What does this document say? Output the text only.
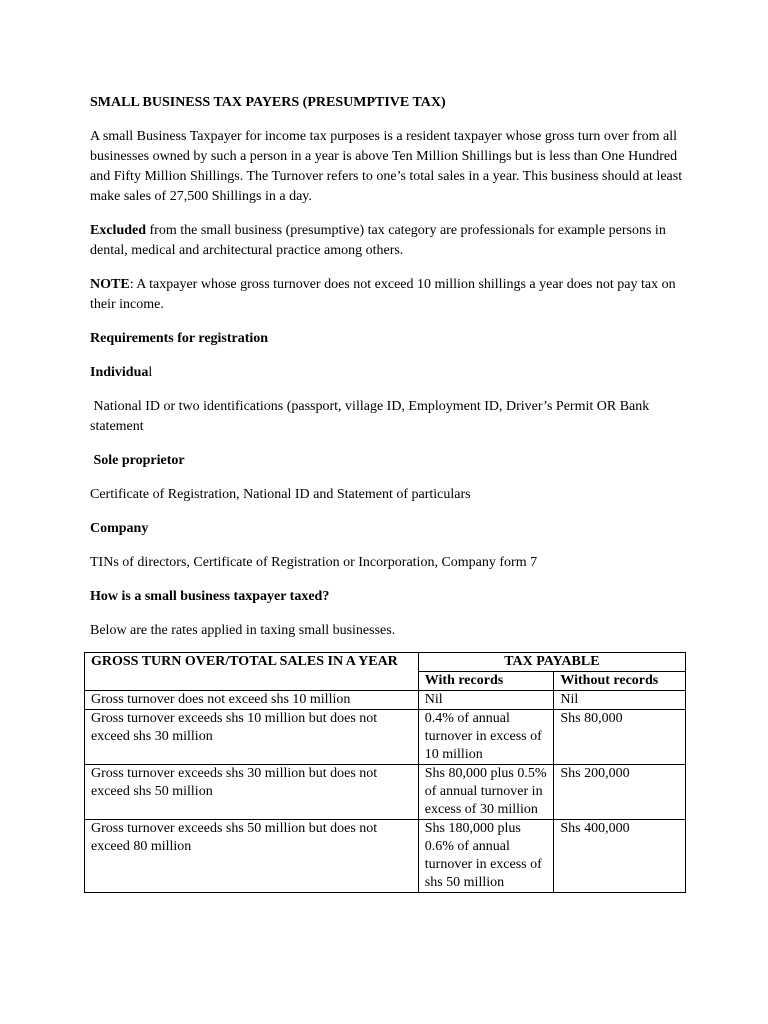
SMALL BUSINESS TAX PAYERS (PRESUMPTIVE TAX)

A small Business Taxpayer for income tax purposes is a resident taxpayer whose gross turn over from all businesses owned by such a person in a year is above Ten Million Shillings but is less than One Hundred and Fifty Million Shillings. The Turnover refers to one’s total sales in a year. This business should at least make sales of 27,500 Shillings in a day.

Excluded from the small business (presumptive) tax category are professionals for example persons in dental, medical and architectural practice among others.

NOTE: A taxpayer whose gross turnover does not exceed 10 million shillings a year does not pay tax on their income.

Requirements for registration

Individual

National ID or two identifications (passport, village ID, Employment ID, Driver’s Permit OR Bank statement

Sole proprietor

Certificate of Registration, National ID and Statement of particulars

Company

TINs of directors, Certificate of Registration or Incorporation, Company form 7

How is a small business taxpayer taxed?

Below are the rates applied in taxing small businesses.

GROSS TURN OVER/TOTAL SALES IN A YEAR	TAX PAYABLE	
	With records	Without records
Gross turnover does not exceed shs 10 million	Nil	Nil
Gross turnover exceeds shs 10 million but does not exceed shs 30 million	0.4% of annual turnover in excess of 10 million	Shs 80,000
Gross turnover exceeds shs 30 million but does not exceed shs 50 million	Shs 80,000 plus 0.5% of annual turnover in excess of 30 million	Shs 200,000
Gross turnover exceeds shs 50 million but does not exceed 80 million	Shs 180,000 plus 0.6% of annual turnover in excess of shs 50 million	Shs 400,000
